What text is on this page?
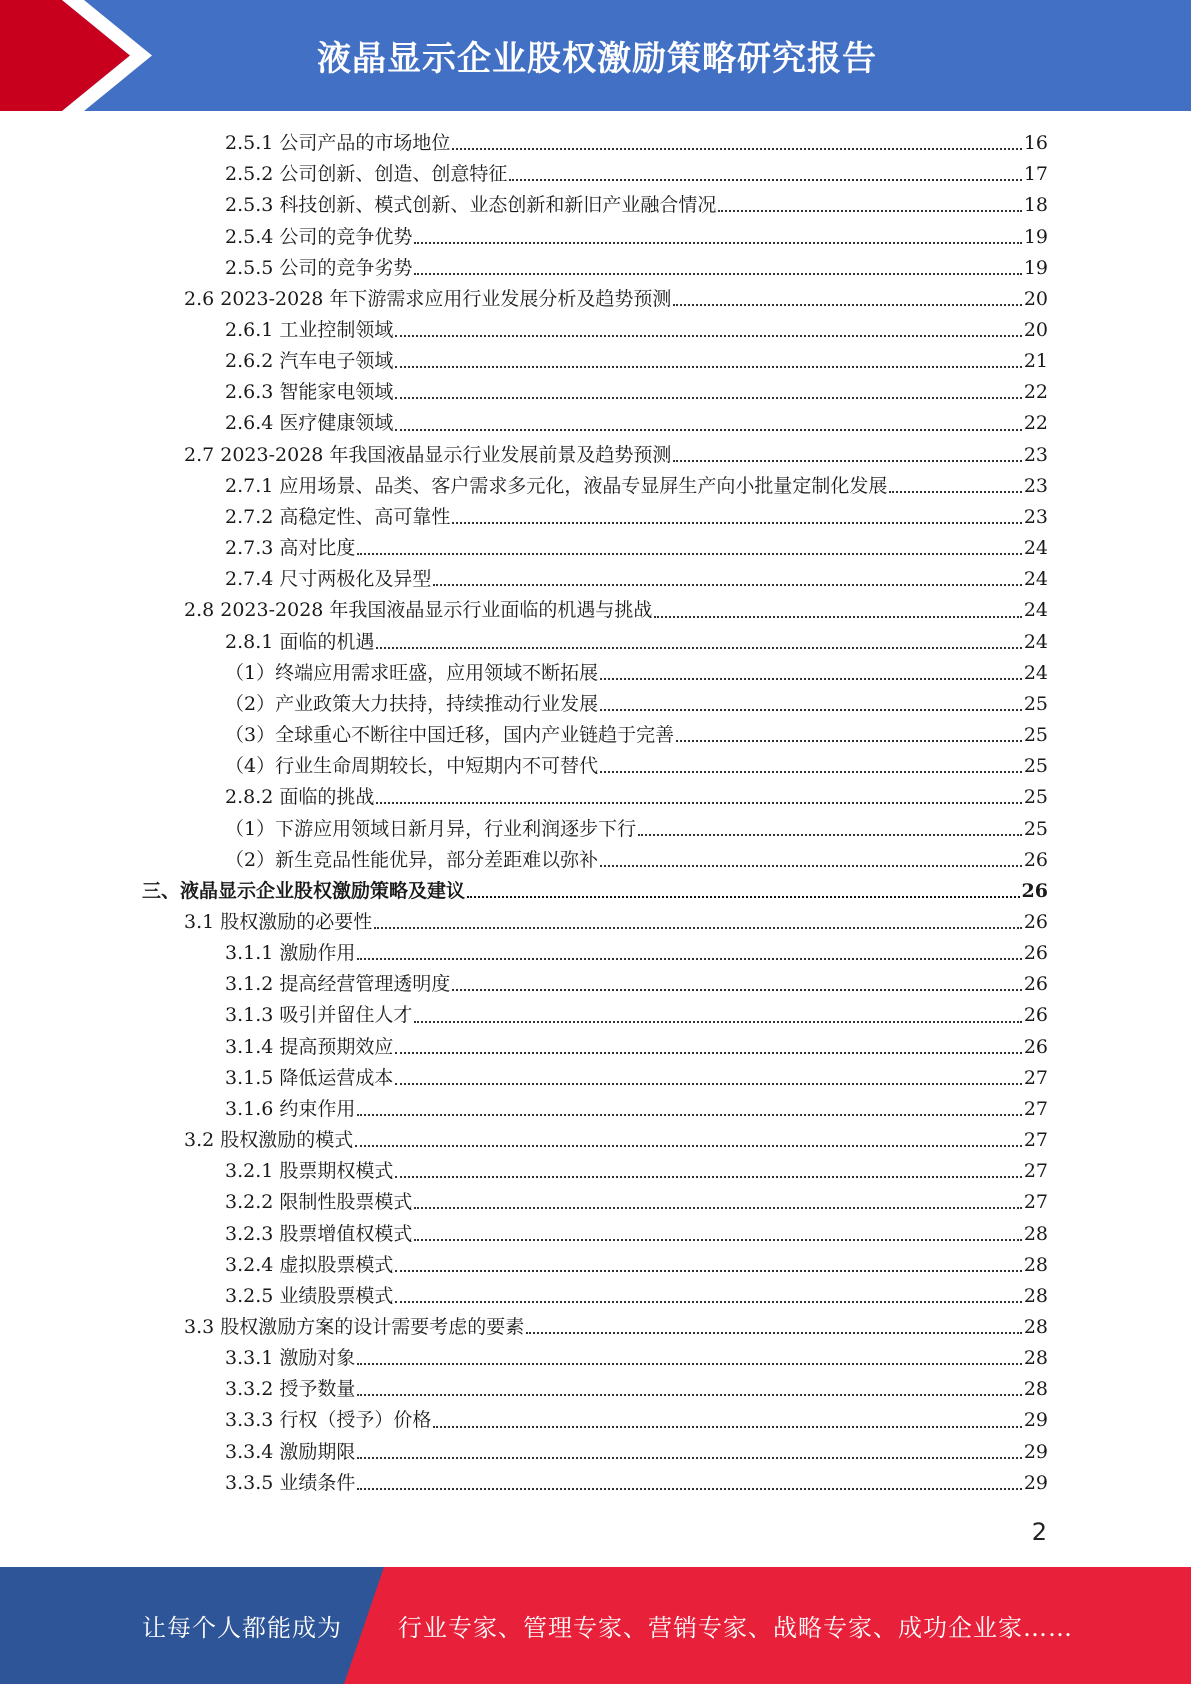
液晶显示企业股权激励策略研究报告
2.5.1 公司产品的市场地位	16
2.5.2 公司创新、创造、创意特征	17
2.5.3 科技创新、模式创新、业态创新和新旧产业融合情况	18
2.5.4 公司的竞争优势	19
2.5.5 公司的竞争劣势	19
2.6 2023-2028 年下游需求应用行业发展分析及趋势预测	20
2.6.1 工业控制领域	20
2.6.2 汽车电子领域	21
2.6.3 智能家电领域	22
2.6.4 医疗健康领域	22
2.7 2023-2028 年我国液晶显示行业发展前景及趋势预测	23
2.7.1 应用场景、品类、客户需求多元化，液晶专显屏生产向小批量定制化发展	23
2.7.2 高稳定性、高可靠性	23
2.7.3 高对比度	24
2.7.4 尺寸两极化及异型	24
2.8 2023-2028 年我国液晶显示行业面临的机遇与挑战	24
2.8.1 面临的机遇	24
（1）终端应用需求旺盛，应用领域不断拓展	24
（2）产业政策大力扶持，持续推动行业发展	25
（3）全球重心不断往中国迁移，国内产业链趋于完善	25
（4）行业生命周期较长，中短期内不可替代	25
2.8.2 面临的挑战	25
（1）下游应用领域日新月异，行业利润逐步下行	25
（2）新生竞品性能优异，部分差距难以弥补	26
三、液晶显示企业股权激励策略及建议	26
3.1 股权激励的必要性	26
3.1.1 激励作用	26
3.1.2 提高经营管理透明度	26
3.1.3 吸引并留住人才	26
3.1.4 提高预期效应	26
3.1.5 降低运营成本	27
3.1.6 约束作用	27
3.2 股权激励的模式	27
3.2.1 股票期权模式	27
3.2.2 限制性股票模式	27
3.2.3 股票增值权模式	28
3.2.4 虚拟股票模式	28
3.2.5 业绩股票模式	28
3.3 股权激励方案的设计需要考虑的要素	28
3.3.1 激励对象	28
3.3.2 授予数量	28
3.3.3 行权（授予）价格	29
3.3.4 激励期限	29
3.3.5 业绩条件	29
2
让每个人都能成为 行业专家、管理专家、营销专家、战略专家、成功企业家……
